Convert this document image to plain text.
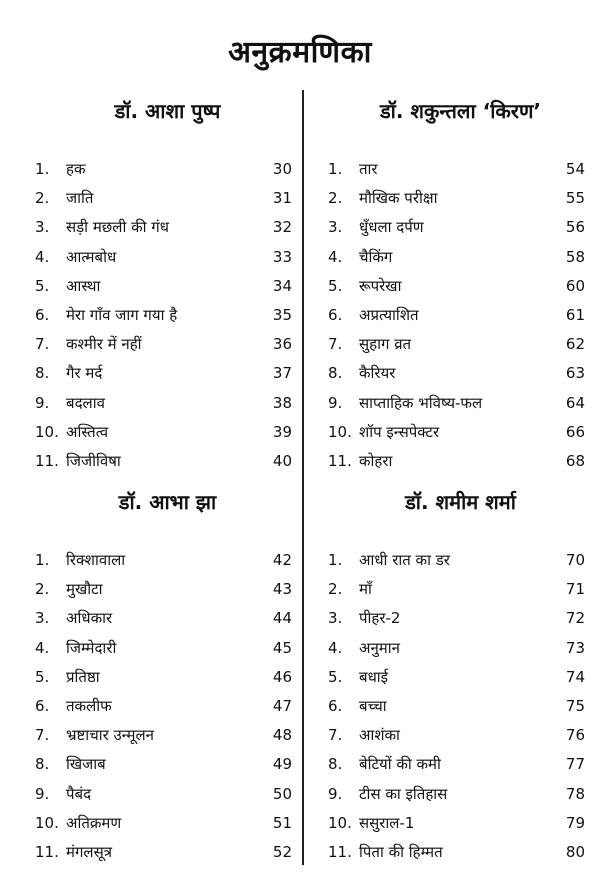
अनुक्रमणिका
डॉ. आशा पुष्प
1. हक	30
2. जाति	31
3. सड़ी मछली की गंध	32
4. आत्मबोध	33
5. आस्था	34
6. मेरा गाँव जाग गया है	35
7. कश्मीर में नहीं	36
8. गैर मर्द	37
9. बदलाव	38
10. अस्तित्व	39
11. जिजीविषा	40
डॉ. आभा झा
1. रिक्शावाला	42
2. मुखौटा	43
3. अधिकार	44
4. जिम्मेदारी	45
5. प्रतिष्ठा	46
6. तकलीफ	47
7. भ्रष्टाचार उन्मूलन	48
8. खिजाब	49
9. पैबंद	50
10. अतिक्रमण	51
11. मंगलसूत्र	52
डॉ. शकुन्तला ‘किरण’
1. तार	54
2. मौखिक परीक्षा	55
3. धुँधला दर्पण	56
4. चैकिंग	58
5. रूपरेखा	60
6. अप्रत्याशित	61
7. सुहाग व्रत	62
8. कैरियर	63
9. साप्ताहिक भविष्य-फल	64
10. शॉप इन्सपेक्टर	66
11. कोहरा	68
डॉ. शमीम शर्मा
1. आधी रात का डर	70
2. माँ	71
3. पीहर-2	72
4. अनुमान	73
5. बधाई	74
6. बच्चा	75
7. आशंका	76
8. बेटियों की कमी	77
9. टीस का इतिहास	78
10. ससुराल-1	79
11. पिता की हिम्मत	80
